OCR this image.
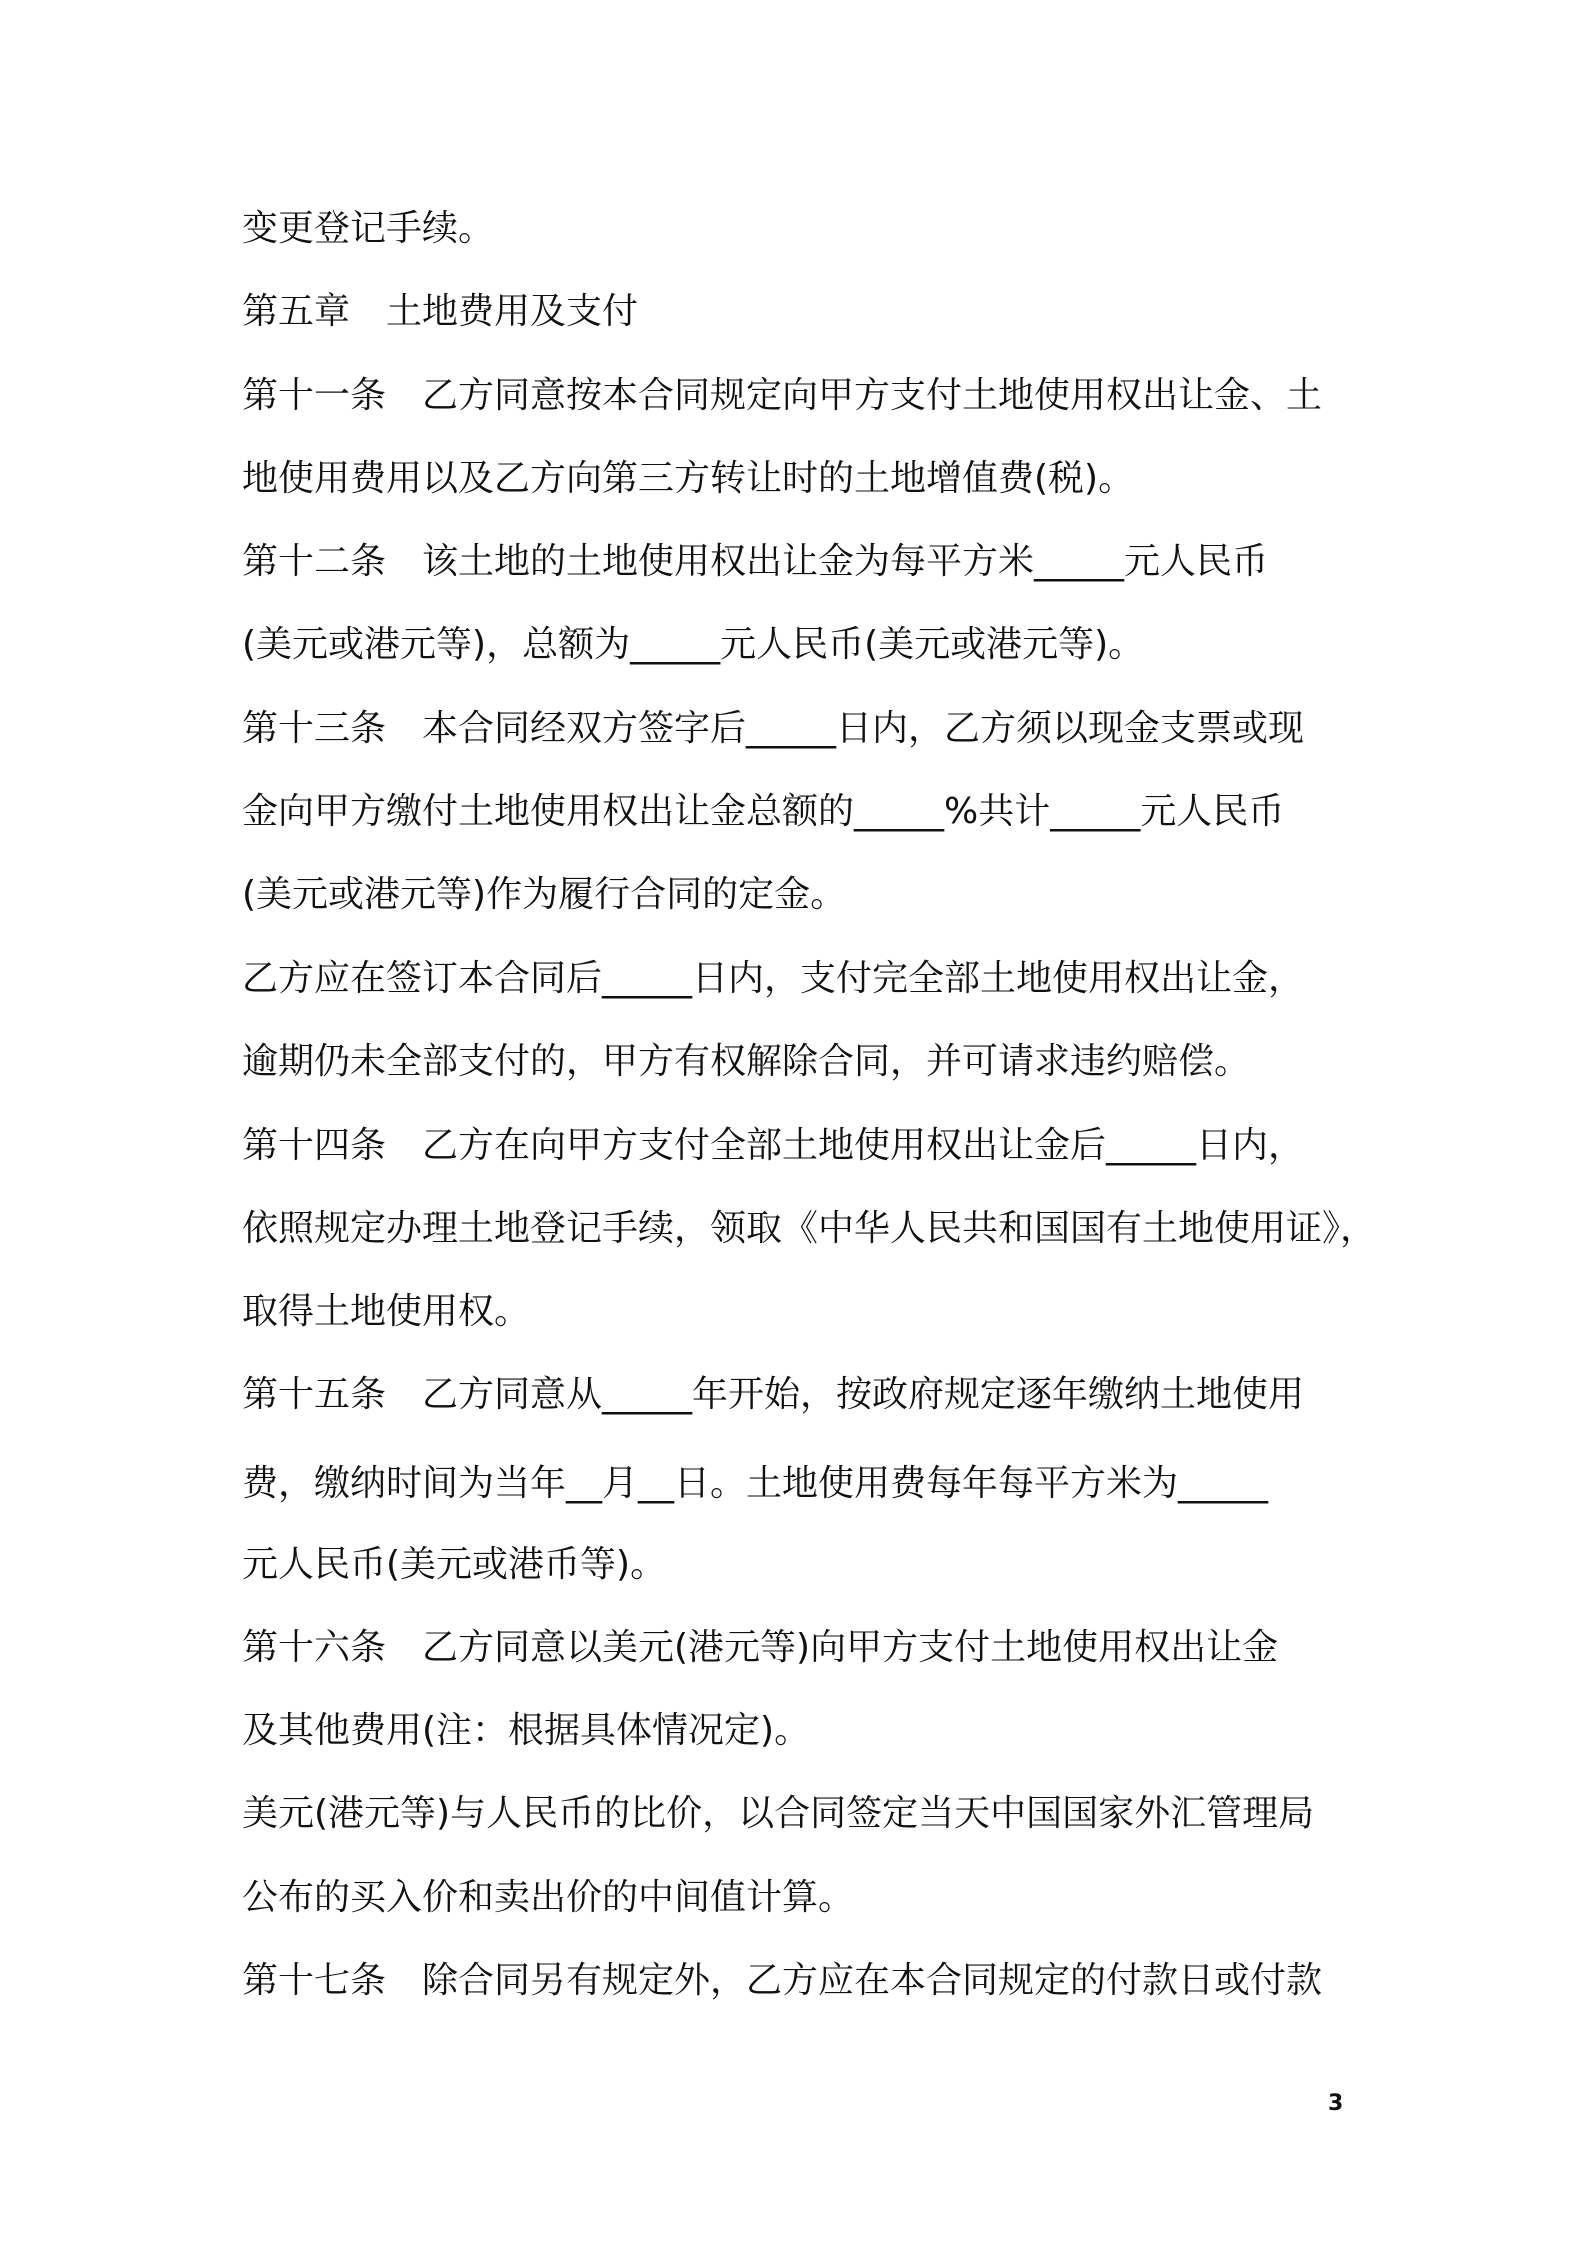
变更登记手续。
第五章　土地费用及支付
第十一条　乙方同意按本合同规定向甲方支付土地使用权出让金、土
地使用费用以及乙方向第三方转让时的土地增值费(税)。
第十二条　该土地的土地使用权出让金为每平方米_____元人民币
(美元或港元等)，总额为_____元人民币(美元或港元等)。
第十三条　本合同经双方签字后_____日内，乙方须以现金支票或现
金向甲方缴付土地使用权出让金总额的_____%共计_____元人民币
(美元或港元等)作为履行合同的定金。
乙方应在签订本合同后_____日内，支付完全部土地使用权出让金，
逾期仍未全部支付的，甲方有权解除合同，并可请求违约赔偿。
第十四条　乙方在向甲方支付全部土地使用权出让金后_____日内，
依照规定办理土地登记手续，领取《中华人民共和国国有土地使用证》，
取得土地使用权。
第十五条　乙方同意从_____年开始，按政府规定逐年缴纳土地使用
费，缴纳时间为当年__月__日。土地使用费每年每平方米为_____
元人民币(美元或港币等)。
第十六条　乙方同意以美元(港元等)向甲方支付土地使用权出让金
及其他费用(注：根据具体情况定)。
美元(港元等)与人民币的比价，以合同签定当天中国国家外汇管理局
公布的买入价和卖出价的中间值计算。
第十七条　除合同另有规定外，乙方应在本合同规定的付款日或付款
3
